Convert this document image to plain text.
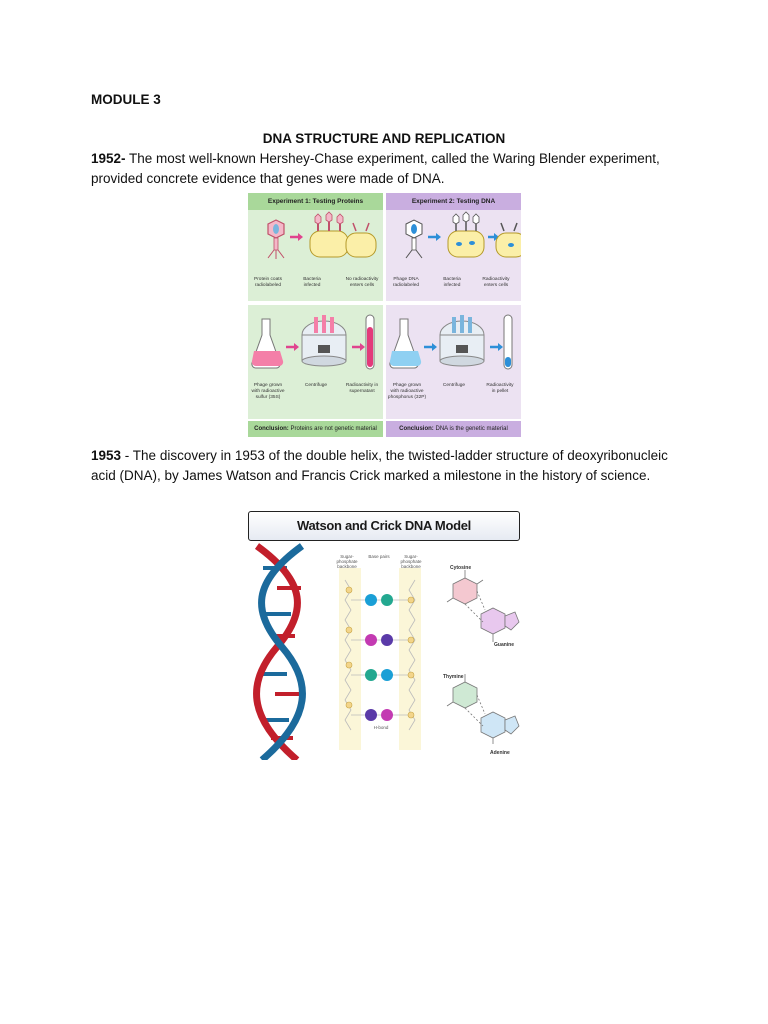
MODULE 3
DNA STRUCTURE AND REPLICATION
1952- The most well-known Hershey-Chase experiment, called the Waring Blender experiment, provided concrete evidence that genes were made of DNA.
Experiment 1: Testing Proteins	Experiment 2: Testing DNA
Protein coats
radiolabeled
Bacteria
infected
No radioactivity
enters cells
Phage DNA
radiolabeled
Bacteria
infected
Radioactivity
enters cells
Phage grown
with radioactive
sulfur (35S)
Centrifuge	Radioactivity in
supernatant
Phage grown
with radioactive
phosphorus (32P)
Centrifuge	Radioactivity
in pellet
Conclusion: Proteins are not genetic material	Conclusion: DNA is the genetic material
1953 - The discovery in 1953 of the double helix, the twisted-ladder structure of deoxyribonucleic acid (DNA), by James Watson and Francis Crick marked a milestone in the history of science.
Watson and Crick DNA Model
Sugar-phosphate backbone
Base pairs	Sugar-phosphate backbone
H-bond
Cytosine
Guanine
Thymine
Adenine
